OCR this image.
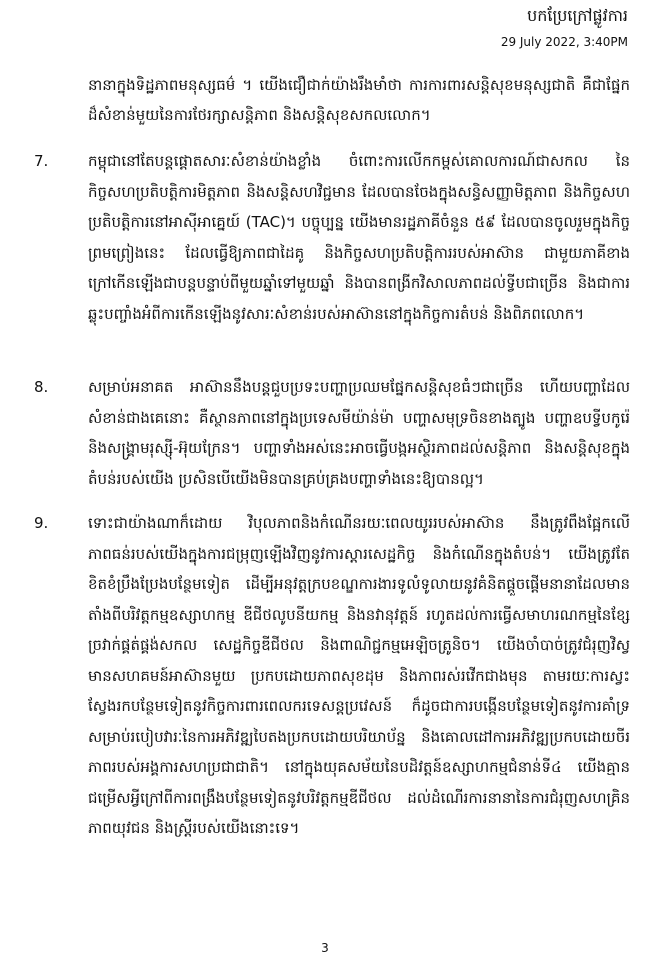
បកប្រែក្រៅផ្លូវការ
29 July 2022, 3:40PM
នានាក្នុងទិដ្ឋភាពមនុស្សធម៌ ។ យើងជឿជាក់យ៉ាងរឹងមាំថា ការការពារសន្តិសុខមនុស្សជាតិ គឺជាផ្នែកដ៏សំខាន់មួយនៃការថែរក្សាសន្តិភាព និងសន្តិសុខសកលលោក។
7.	កម្ពុជានៅតែបន្តផ្តោតសារៈសំខាន់យ៉ាងខ្លាំង ចំពោះការលើកកម្ពស់គោលការណ៍ជាសកល នៃកិច្ចសហប្រតិបត្តិការមិត្តភាព និងសន្តិសហវិជ្ជមាន ដែលបានចែងក្នុងសន្ធិសញ្ញាមិត្តភាព និងកិច្ចសហប្រតិបត្តិការនៅអាស៊ីអាគ្នេយ៍ (TAC)។ បច្ចុប្បន្ន យើងមានរដ្ឋភាគីចំនួន ៥៩ ដែលបានចូលរួមក្នុងកិច្ចព្រមព្រៀងនេះ ដែលធ្វើឱ្យភាពជាដៃគូ និងកិច្ចសហប្រតិបត្តិការរបស់អាស៊ាន ជាមួយភាគីខាងក្រៅកើនឡើងជាបន្តបន្ទាប់ពីមួយឆ្នាំទៅមួយឆ្នាំ និងបានពង្រីកវិសាលភាពដល់ទ្វីបជាច្រើន និងជាការឆ្លុះបញ្ចាំងអំពីការកើនឡើងនូវសារៈសំខាន់របស់អាស៊ាននៅក្នុងកិច្ចការតំបន់ និងពិភពលោក។
8.	សម្រាប់អនាគត អាស៊ាននឹងបន្តជួបប្រទះបញ្ហាប្រឈមផ្នែកសន្តិសុខធំៗជាច្រើន ហើយបញ្ហាដែលសំខាន់ជាងគេនោះ គឺស្ថានភាពនៅក្នុងប្រទេសមីយ៉ាន់ម៉ា បញ្ហាសមុទ្រចិនខាងត្បូង បញ្ហាឧបទ្វីបកូរ៉េ និងសង្គ្រាមរុស្ស៊ី-អ៊ុយក្រែន។ បញ្ហាទាំងអស់នេះអាចធ្វើបង្កអស្ថិរភាពដល់សន្តិភាព និងសន្តិសុខក្នុងតំបន់របស់យើង ប្រសិនបើយើងមិនបានគ្រប់គ្រងបញ្ហាទាំងនេះឱ្យបានល្អ។
9.	ទោះជាយ៉ាងណាក៏ដោយ វិបុលភាពនិងកំណើនរយៈពេលយូររបស់អាស៊ាន នឹងត្រូវពឹងផ្អែកលើភាពធន់របស់យើងក្នុងការជម្រុញឡើងវិញនូវការស្តារសេដ្ឋកិច្ច និងកំណើនក្នុងតំបន់។ យើងត្រូវតែខិតខំប្រឹងប្រែងបន្ថែមទៀត ដើម្បីអនុវត្តក្របខណ្ឌការងារទូលំទូលាយនូវគំនិតផ្តួចផ្តើមនានាដែលមានតាំងពីបរិវត្តកម្មឧស្សាហកម្ម ឌីជីថលូបនីយកម្ម និងនវានុវត្តន៍ រហូតដល់ការធ្វើសមាហរណកម្មនៃខ្សែច្រវាក់ផ្គត់ផ្គង់សកល សេដ្ឋកិច្ចឌីជីថល និងពាណិជ្ជកម្មអេឡិចត្រូនិច។ យើងចាំបាច់ត្រូវជំរុញវិស្វមានសហគមន៍អាស៊ានមួយ ប្រកបដោយភាពសុខដុម និងភាពរស់រវើកជាងមុន តាមរយៈការស្វះស្វែងរកបន្ថែមទៀតនូវកិច្ចការពារពេលករទេសន្តប្រវេសន៍ ក៏ដូចជាការបង្កើនបន្ថែមទៀតនូវការគាំទ្រសម្រាប់របៀបវារៈនៃការអភិវឌ្ឍបៃតងប្រកបដោយបរិយាប័ន្ន និងគោលដៅការអភិវឌ្ឍប្រកបដោយចីរភាពរបស់អង្គការសហប្រជាជាតិ។ នៅក្នុងយុគសម័យនៃបដិវត្តន៍ឧស្សាហកម្មជំនាន់ទី៤ យើងគ្មានជម្រើសអ្វីក្រៅពីការពង្រឹងបន្ថែមទៀតនូវបរិវត្តកម្មឌីជីថល ដល់ដំណើរការនានានៃការជំរុញសហគ្រិនភាពយុវជន និងស្ត្រីរបស់យើងនោះទេ។
3
